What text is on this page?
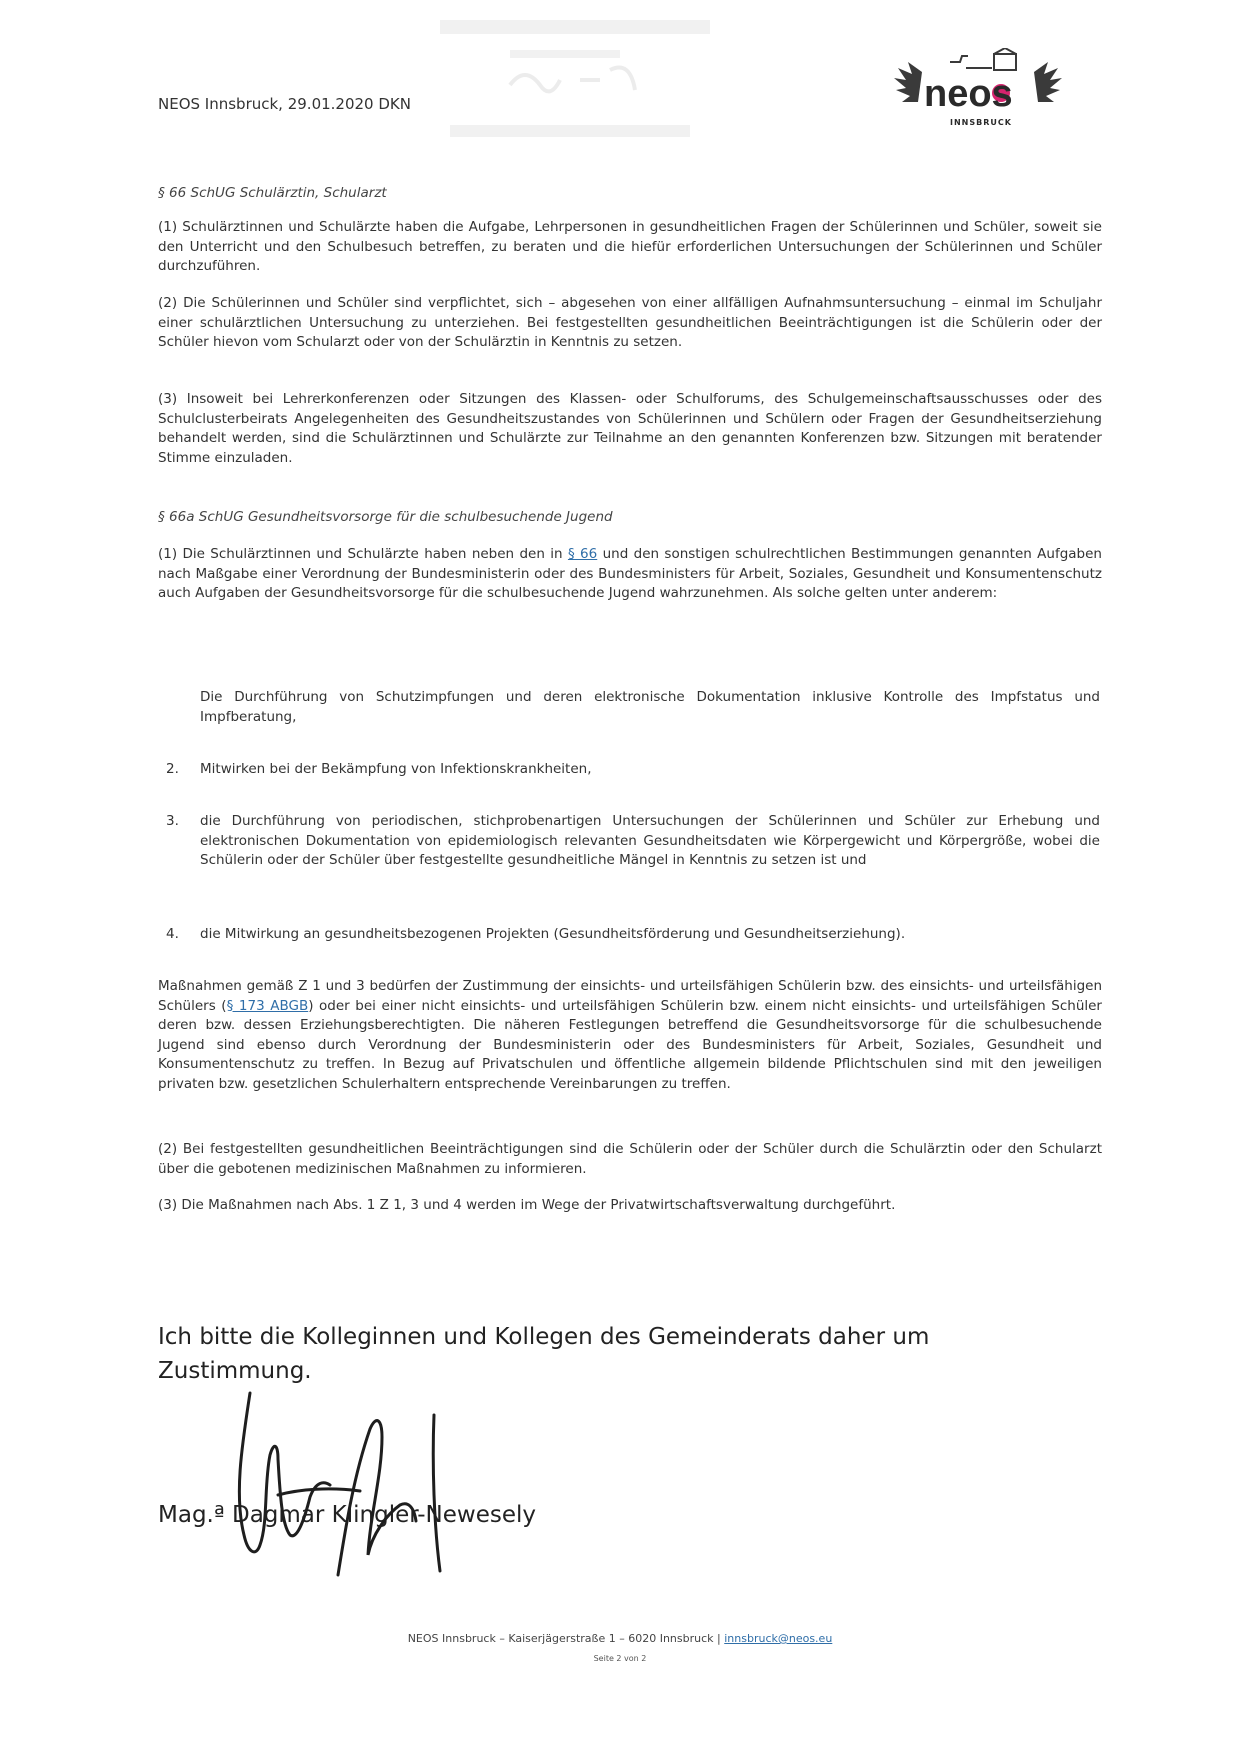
NEOS Innsbruck, 29.01.2020 DKN	neos
INNSBRUCK
§ 66 SchUG Schulärztin, Schularzt

(1) Schulärztinnen und Schulärzte haben die Aufgabe, Lehrpersonen in gesundheitlichen Fragen der Schülerinnen und Schüler, soweit sie den Unterricht und den Schulbesuch betreffen, zu beraten und die hiefür erforderlichen Untersuchungen der Schülerinnen und Schüler durchzuführen.

(2) Die Schülerinnen und Schüler sind verpflichtet, sich – abgesehen von einer allfälligen Aufnahmsuntersuchung – einmal im Schuljahr einer schulärztlichen Untersuchung zu unterziehen. Bei festgestellten gesundheitlichen Beeinträchtigungen ist die Schülerin oder der Schüler hievon vom Schularzt oder von der Schulärztin in Kenntnis zu setzen.

(3) Insoweit bei Lehrerkonferenzen oder Sitzungen des Klassen- oder Schulforums, des Schulgemeinschaftsausschusses oder des Schulclusterbeirats Angelegenheiten des Gesundheitszustandes von Schülerinnen und Schülern oder Fragen der Gesundheitserziehung behandelt werden, sind die Schulärztinnen und Schulärzte zur Teilnahme an den genannten Konferenzen bzw. Sitzungen mit beratender Stimme einzuladen.

§ 66a SchUG Gesundheitsvorsorge für die schulbesuchende Jugend

(1) Die Schulärztinnen und Schulärzte haben neben den in § 66 und den sonstigen schulrechtlichen Bestimmungen genannten Aufgaben nach Maßgabe einer Verordnung der Bundesministerin oder des Bundesministers für Arbeit, Soziales, Gesundheit und Konsumentenschutz auch Aufgaben der Gesundheitsvorsorge für die schulbesuchende Jugend wahrzunehmen. Als solche gelten unter anderem:

Die Durchführung von Schutzimpfungen und deren elektronische Dokumentation inklusive Kontrolle des Impfstatus und Impfberatung,
2.	Mitwirken bei der Bekämpfung von Infektionskrankheiten,
3.	die Durchführung von periodischen, stichprobenartigen Untersuchungen der Schülerinnen und Schüler zur Erhebung und elektronischen Dokumentation von epidemiologisch relevanten Gesundheitsdaten wie Körpergewicht und Körpergröße, wobei die Schülerin oder der Schüler über festgestellte gesundheitliche Mängel in Kenntnis zu setzen ist und
4.	die Mitwirkung an gesundheitsbezogenen Projekten (Gesundheitsförderung und Gesundheitserziehung).

Maßnahmen gemäß Z 1 und 3 bedürfen der Zustimmung der einsichts- und urteilsfähigen Schülerin bzw. des einsichts- und urteilsfähigen Schülers (§ 173 ABGB) oder bei einer nicht einsichts- und urteilsfähigen Schülerin bzw. einem nicht einsichts- und urteilsfähigen Schüler deren bzw. dessen Erziehungsberechtigten. Die näheren Festlegungen betreffend die Gesundheitsvorsorge für die schulbesuchende Jugend sind ebenso durch Verordnung der Bundesministerin oder des Bundesministers für Arbeit, Soziales, Gesundheit und Konsumentenschutz zu treffen. In Bezug auf Privatschulen und öffentliche allgemein bildende Pflichtschulen sind mit den jeweiligen privaten bzw. gesetzlichen Schulerhaltern entsprechende Vereinbarungen zu treffen.

(2) Bei festgestellten gesundheitlichen Beeinträchtigungen sind die Schülerin oder der Schüler durch die Schulärztin oder den Schularzt über die gebotenen medizinischen Maßnahmen zu informieren.

(3) Die Maßnahmen nach Abs. 1 Z 1, 3 und 4 werden im Wege der Privatwirtschaftsverwaltung durchgeführt.

Ich bitte die Kolleginnen und Kollegen des Gemeinderats daher um Zustimmung.
Mag.ª Dagmar Klingler-Newesely
NEOS Innsbruck – Kaiserjägerstraße 1 – 6020 Innsbruck | innsbruck@neos.eu
Seite 2 von 2
